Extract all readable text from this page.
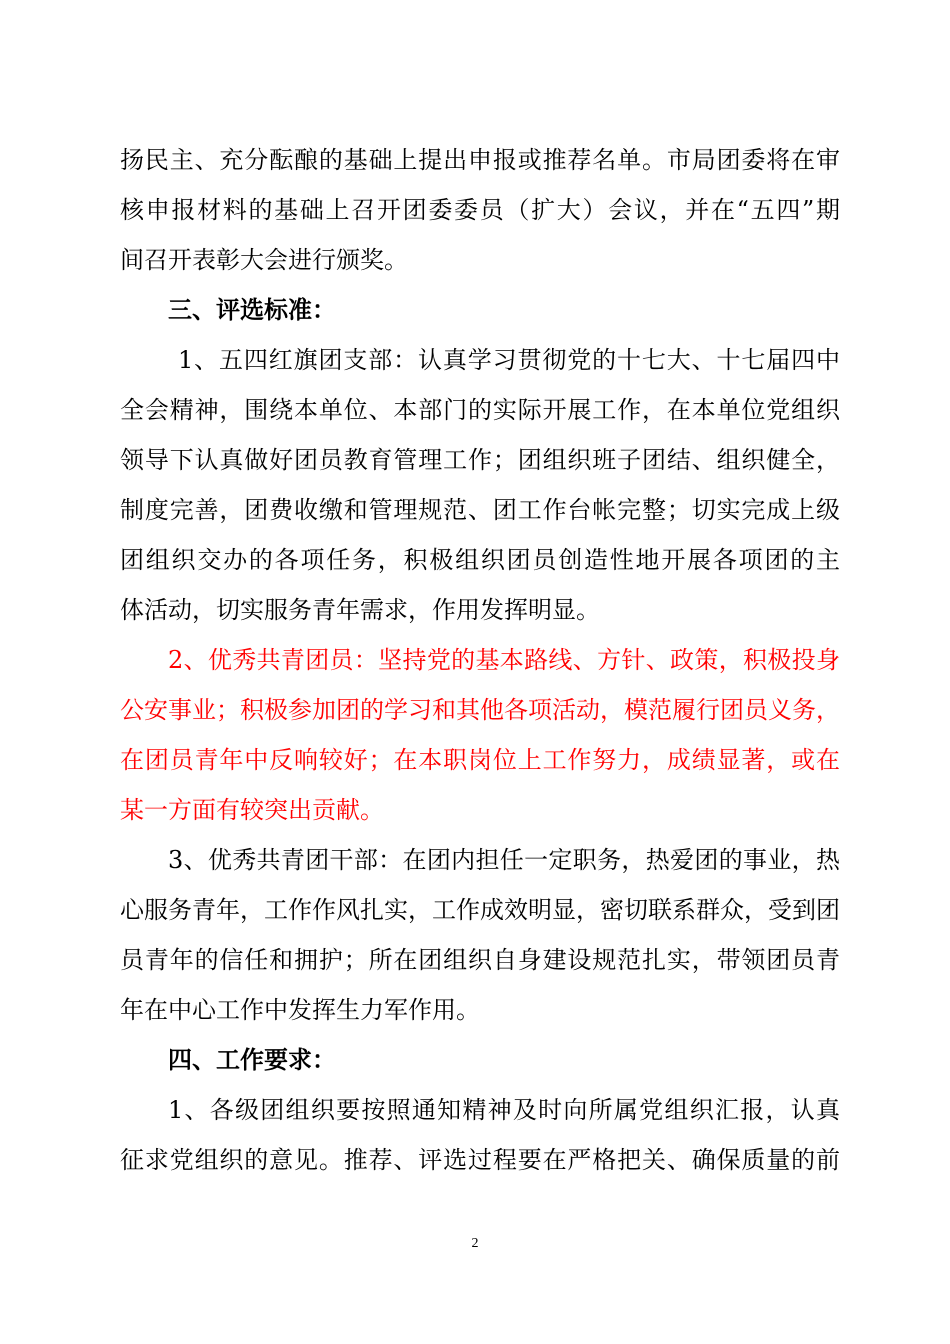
扬民主、充分酝酿的基础上提出申报或推荐名单。市局团委将在审
核申报材料的基础上召开团委委员（扩大）会议，并在“五四”期
间召开表彰大会进行颁奖。
三、评选标准：
1、五四红旗团支部：认真学习贯彻党的十七大、十七届四中
全会精神，围绕本单位、本部门的实际开展工作，在本单位党组织
领导下认真做好团员教育管理工作；团组织班子团结、组织健全，
制度完善，团费收缴和管理规范、团工作台帐完整；切实完成上级
团组织交办的各项任务，积极组织团员创造性地开展各项团的主
体活动，切实服务青年需求，作用发挥明显。
2、优秀共青团员：坚持党的基本路线、方针、政策，积极投身
公安事业；积极参加团的学习和其他各项活动，模范履行团员义务，
在团员青年中反响较好；在本职岗位上工作努力，成绩显著，或在
某一方面有较突出贡献。
3、优秀共青团干部：在团内担任一定职务，热爱团的事业，热
心服务青年，工作作风扎实，工作成效明显，密切联系群众，受到团
员青年的信任和拥护；所在团组织自身建设规范扎实，带领团员青
年在中心工作中发挥生力军作用。
四、工作要求：
1、各级团组织要按照通知精神及时向所属党组织汇报，认真
征求党组织的意见。推荐、评选过程要在严格把关、确保质量的前
2
